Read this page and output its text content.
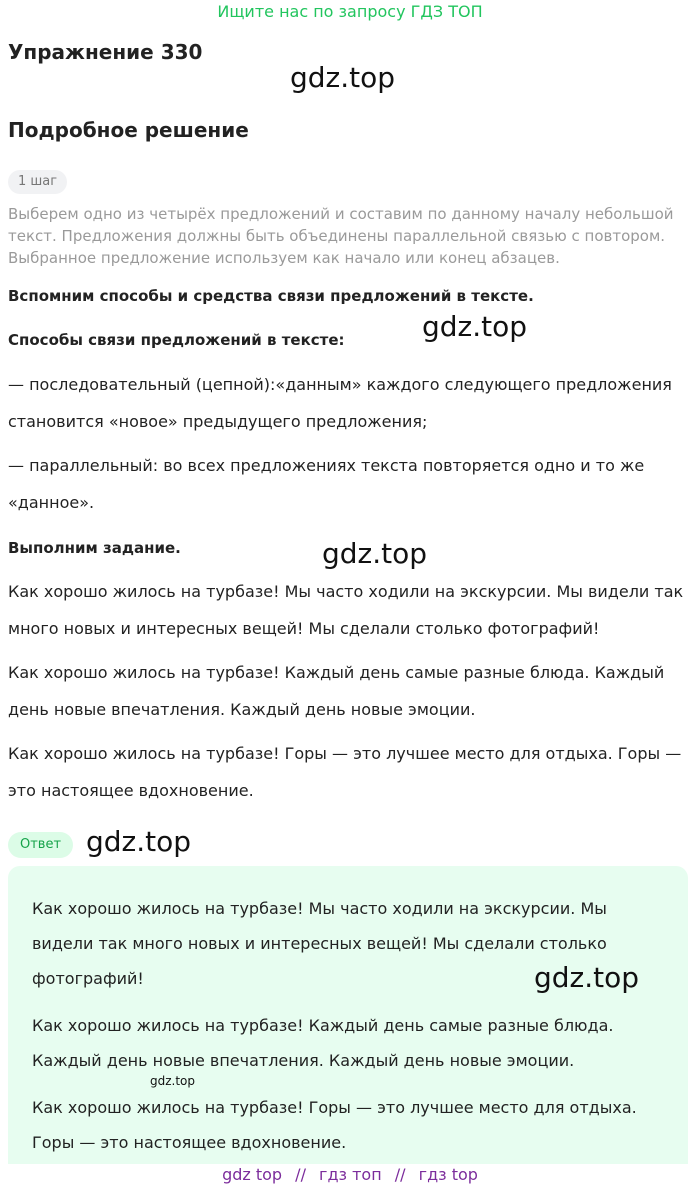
Ищите нас по запросу ГДЗ ТОП
Упражнение 330
gdz.top
Подробное решение
1 шаг

Выберем одно из четырёх предложений и составим по данному началу небольшой

текст. Предложения должны быть объединены параллельной связью с повтором.

Выбранное предложение используем как начало или конец абзацев.

Вспомним способы и средства связи предложений в тексте.
gdz.top
Способы связи предложений в тексте:
— последовательный (цепной):«данным» каждого следующего предложения становится «новое» предыдущего предложения;
— параллельный: во всех предложениях текста повторяется одно и то же «данное».
Выполним задание.	gdz.top
Как хорошо жилось на турбазе! Мы часто ходили на экскурсии. Мы видели так много новых и интересных вещей! Мы сделали столько фотографий!
Как хорошо жилось на турбазе! Каждый день самые разные блюда. Каждый день новые впечатления. Каждый день новые эмоции.
Как хорошо жилось на турбазе! Горы — это лучшее место для отдыха. Горы — это настоящее вдохновение.
Ответ gdz.top
Как хорошо жилось на турбазе! Мы часто ходили на экскурсии. Мы видели так много новых и интересных вещей! Мы сделали столько фотографий!	gdz.top
Как хорошо жилось на турбазе! Каждый день самые разные блюда. Каждый день новые впечатления. Каждый день новые эмоции.
gdz.top
Как хорошо жилось на турбазе! Горы — это лучшее место для отдыха. Горы — это настоящее вдохновение.
gdz top // гдз топ // гдз top
